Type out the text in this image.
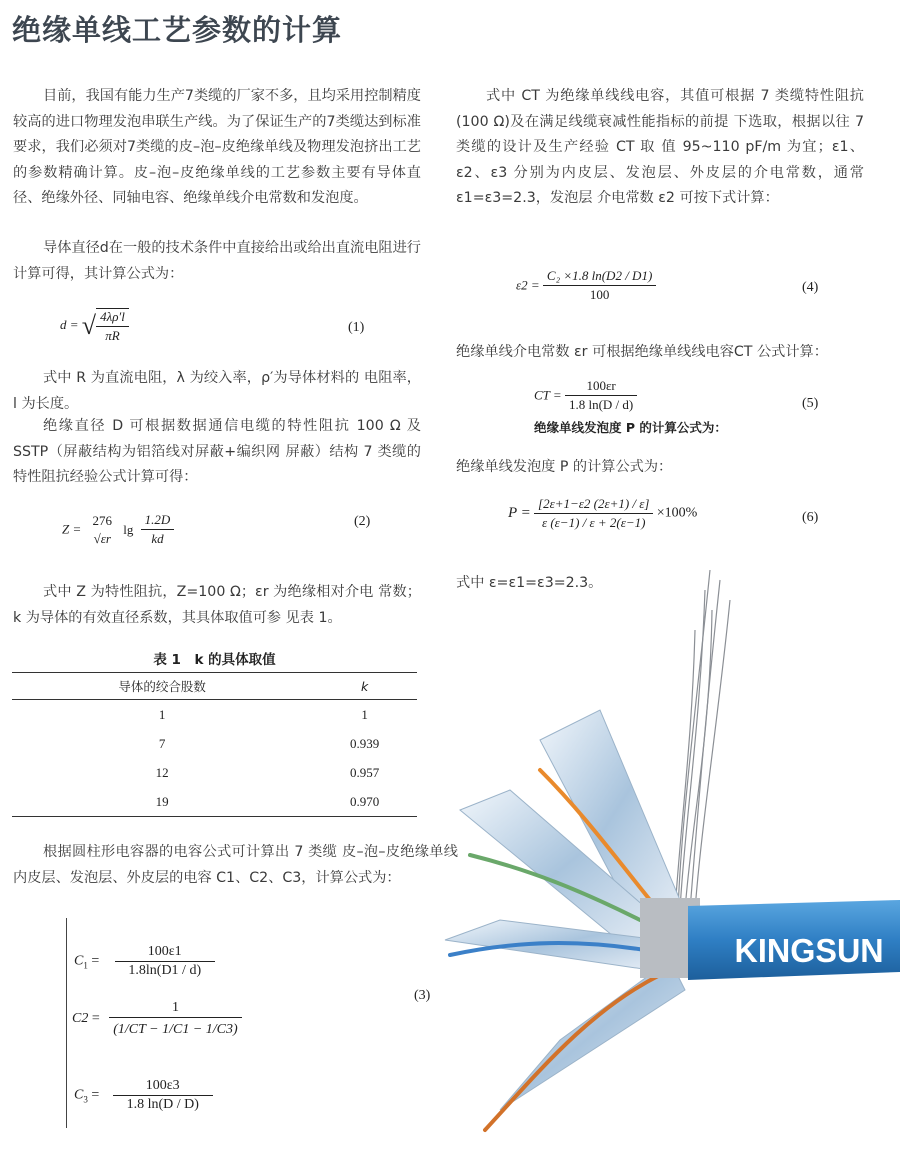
绝缘单线工艺参数的计算
目前，我国有能力生产7类缆的厂家不多，且均采用控制精度较高的进口物理发泡串联生产线。为了保证生产的7类缆达到标准要求，我们必须对7类缆的皮–泡–皮绝缘单线及物理发泡挤出工艺的参数精确计算。皮–泡–皮绝缘单线的工艺参数主要有导体直径、绝缘外径、同轴电容、绝缘单线介电常数和发泡度。
导体直径d在一般的技术条件中直接给出或给出直流电阻进行计算可得，其计算公式为：
d = √ $\frac{4\lambda\rho'l}{\pi R}$	(1)
式中 R 为直流电阻，λ 为绞入率，ρ′为导体材料的 电阻率，l 为长度。
绝缘直径 D 可根据数据通信电缆的特性阻抗 100 Ω 及 SSTP（屏蔽结构为铝箔线对屏蔽+编织网 屏蔽）结构 7 类缆的特性阻抗经验公式计算可得：
Z =
276
√εr
$\lg \frac{1.2D}{kd}$	(2)
式中 Z 为特性阻抗，Z=100 Ω；εr 为绝缘相对介电 常数；k 为导体的有效直径系数，其具体取值可参 见表 1。
表 1　k 的具体取值
导体的绞合股数	k
1	1
7	0.939
12	0.957
19	0.970
根据圆柱形电容器的电容公式可计算出 7 类缆 皮–泡–皮绝缘单线内皮层、发泡层、外皮层的电容 C1、C2、C3，计算公式为：
$C_1 = \frac{100\varepsilon 1}{1.8\ln(D1 / d)}$
$C2 = \frac{1}{(1/CT - 1/C1 - 1/C3)}$
$C_3 = \frac{100\varepsilon 3}{1.8 \ln(D / D)}$
(3)
式中 CT 为绝缘单线线电容，其值可根据 7 类缆特性阻抗(100 Ω)及在满足线缆衰减性能指标的前提 下选取，根据以往 7 类缆的设计及生产经验 CT 取 值 95~110 pF/m 为宜；ε1、ε2、ε3 分别为内皮层、发泡层、外皮层的介电常数，通常 ε1=ε3=2.3，发泡层 介电常数 ε2 可按下式计算：
$\varepsilon 2 = \frac{\text{C₂ ×1.8 ln(D2 / D1)}}{100}$	(4)
绝缘单线介电常数 εr 可根据绝缘单线线电容CT 公式计算：
CT = $\frac{100\varepsilon r}{1.8 \ln(D / d)}$	(5)
绝缘单线发泡度 P 的计算公式为：
绝缘单线发泡度 P 的计算公式为：
$P = \frac{[2\varepsilon+1-\varepsilon 2 (2\varepsilon+1) / \varepsilon]}{\varepsilon (\varepsilon-1) / \varepsilon + 2(\varepsilon-1)} \times 100\%$	(6)
式中 ε=ε1=ε3=2.3。
KINGSUN
